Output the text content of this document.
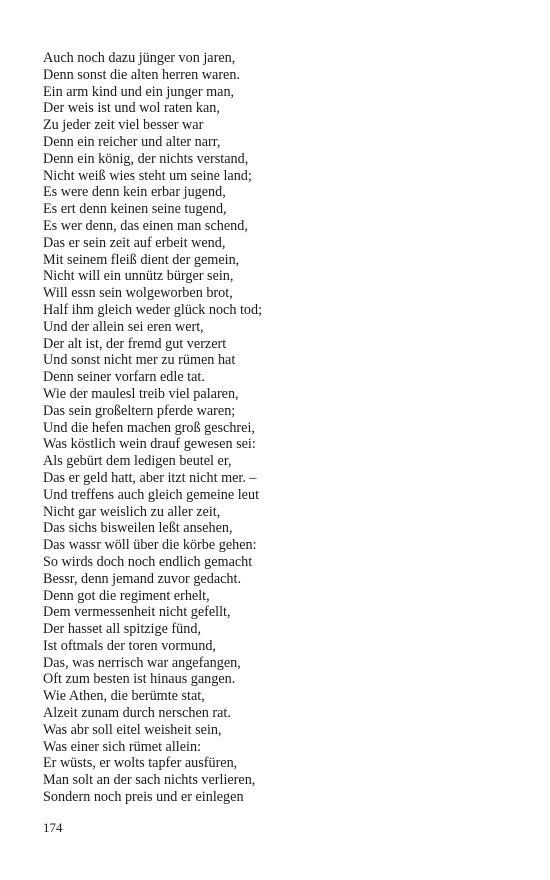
Auch noch dazu jünger von jaren,
Denn sonst die alten herren waren.
Ein arm kind und ein junger man,
Der weis ist und wol raten kan,
Zu jeder zeit viel besser war
Denn ein reicher und alter narr,
Denn ein könig, der nichts verstand,
Nicht weiß wies steht um seine land;
Es were denn kein erbar jugend,
Es ert denn keinen seine tugend,
Es wer denn, das einen man schend,
Das er sein zeit auf erbeit wend,
Mit seinem fleiß dient der gemein,
Nicht will ein unnütz bürger sein,
Will essn sein wolgeworben brot,
Half ihm gleich weder glück noch tod;
Und der allein sei eren wert,
Der alt ist, der fremd gut verzert
Und sonst nicht mer zu rümen hat
Denn seiner vorfarn edle tat.
Wie der maulesl treib viel palaren,
Das sein großeltern pferde waren;
Und die hefen machen groß geschrei,
Was köstlich wein drauf gewesen sei:
Als gebürt dem ledigen beutel er,
Das er geld hatt, aber itzt nicht mer. –
Und treffens auch gleich gemeine leut
Nicht gar weislich zu aller zeit,
Das sichs bisweilen leßt ansehen,
Das wassr wöll über die körbe gehen:
So wirds doch noch endlich gemacht
Bessr, denn jemand zuvor gedacht.
Denn got die regiment erhelt,
Dem vermessenheit nicht gefellt,
Der hasset all spitzige fünd,
Ist oftmals der toren vormund,
Das, was nerrisch war angefangen,
Oft zum besten ist hinaus gangen.
Wie Athen, die berümte stat,
Alzeit zunam durch nerschen rat.
Was abr soll eitel weisheit sein,
Was einer sich rümet allein:
Er wüsts, er wolts tapfer ausfüren,
Man solt an der sach nichts verlieren,
Sondern noch preis und er einlegen
174
